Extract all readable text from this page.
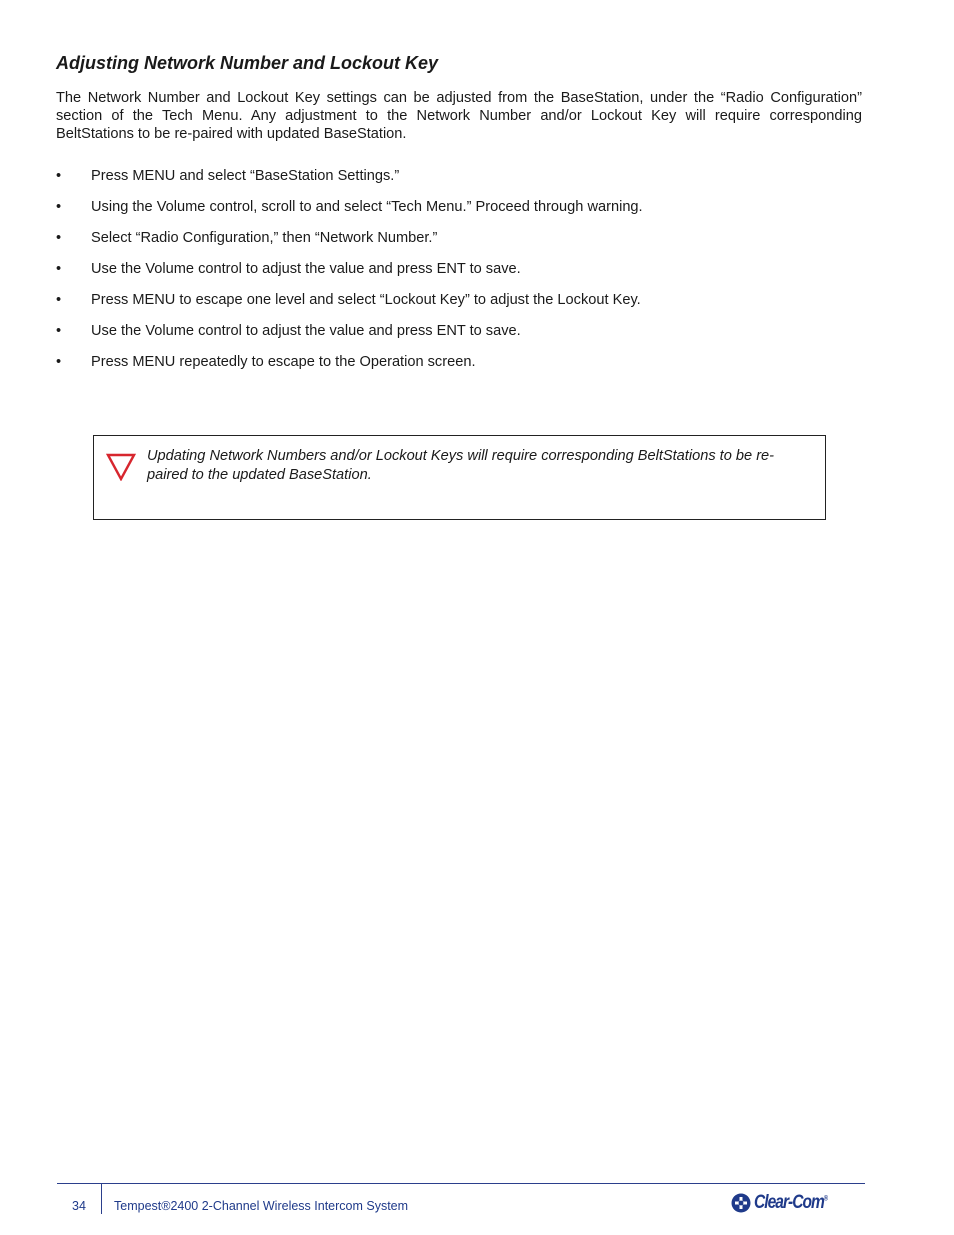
Adjusting Network Number and Lockout Key

The Network Number and Lockout Key settings can be adjusted from the BaseStation, under the “Radio Configuration” section of the Tech Menu. Any adjustment to the Network Number and/or Lockout Key will require corresponding BeltStations to be re-paired with updated BaseStation.

•	Press MENU and select “BaseStation Settings.”
•	Using the Volume control, scroll to and select “Tech Menu.” Proceed through warning.
•	Select “Radio Configuration,” then “Network Number.”
•	Use the Volume control to adjust the value and press ENT to save.
•	Press MENU to escape one level and select “Lockout Key” to adjust the Lockout Key.
•	Use the Volume control to adjust the value and press ENT to save.
•	Press MENU repeatedly to escape to the Operation screen.

Updating Network Numbers and/or Lockout Keys will require corresponding BeltStations to be re-paired to the updated BaseStation.

34 Tempest®2400 2-Channel Wireless Intercom System	Clear-Com®
